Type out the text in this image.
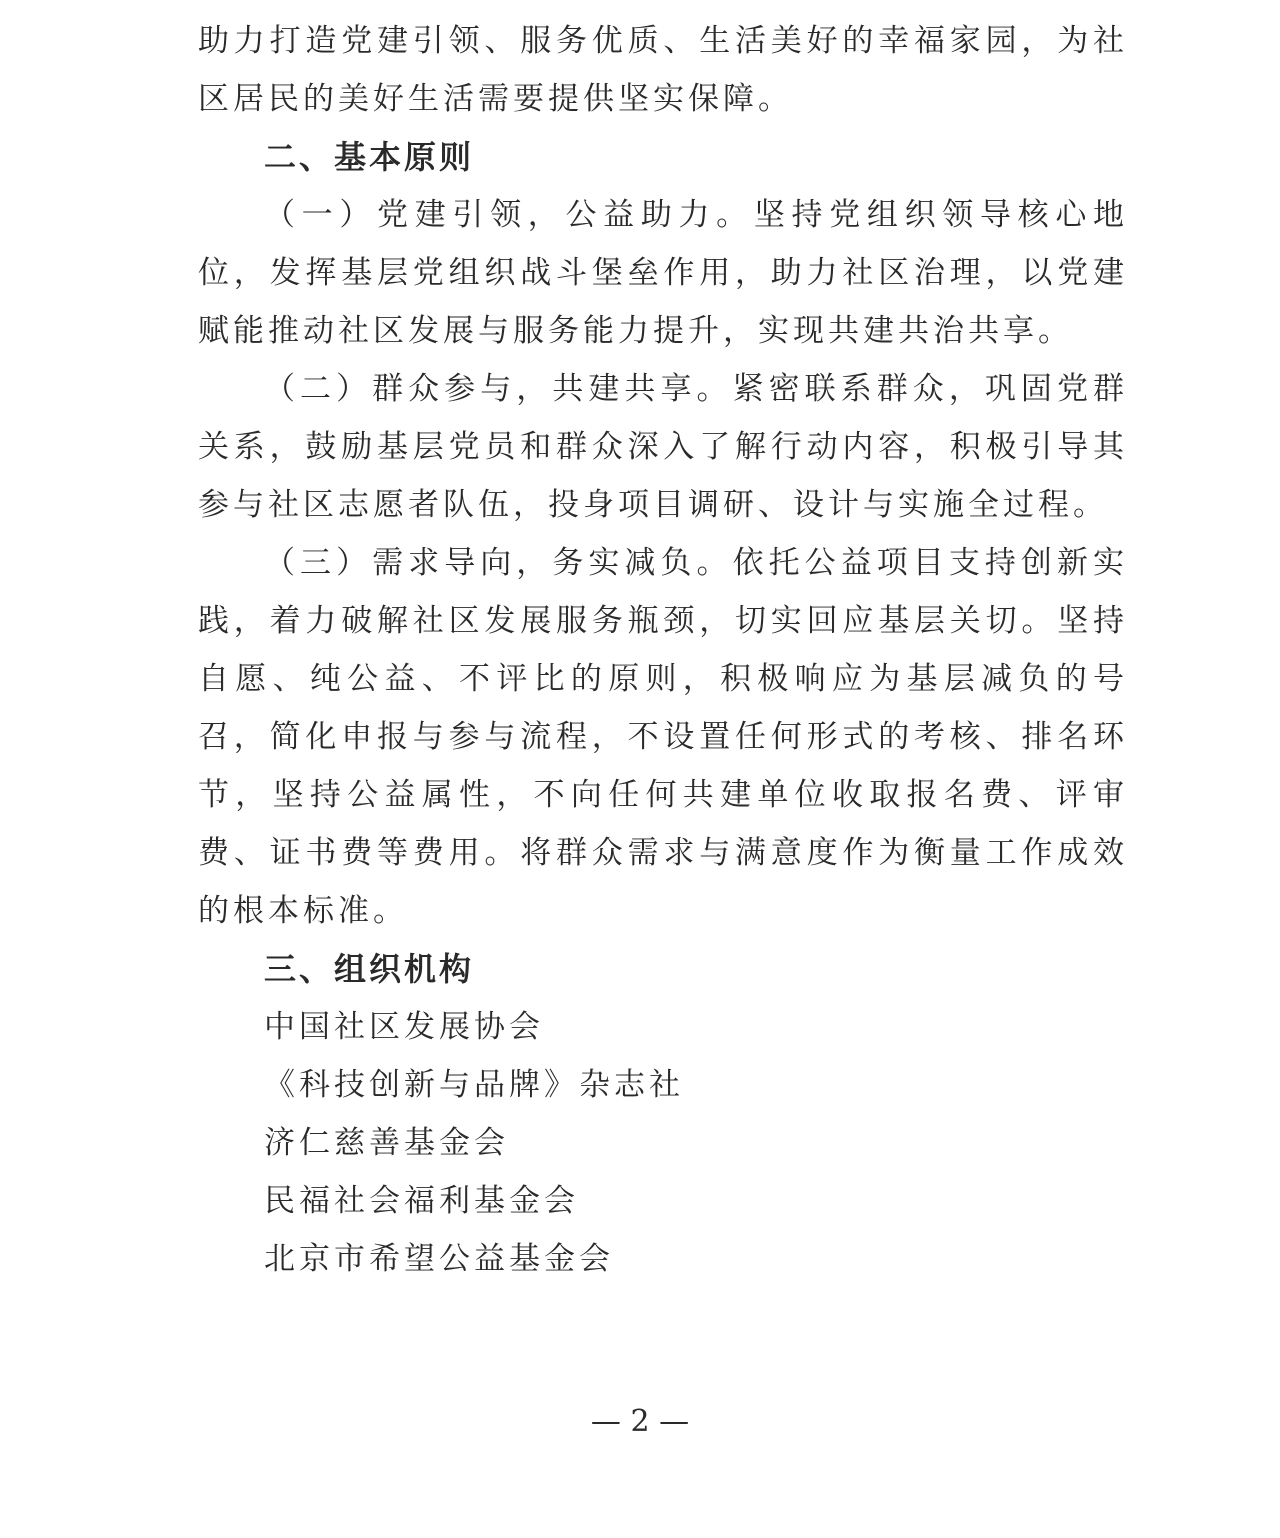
助力打造党建引领、服务优质、生活美好的幸福家园，为社区居民的美好生活需要提供坚实保障。

二、基本原则

（一）党建引领，公益助力。坚持党组织领导核心地位，发挥基层党组织战斗堡垒作用，助力社区治理，以党建赋能推动社区发展与服务能力提升，实现共建共治共享。

（二）群众参与，共建共享。紧密联系群众，巩固党群关系，鼓励基层党员和群众深入了解行动内容，积极引导其参与社区志愿者队伍，投身项目调研、设计与实施全过程。

（三）需求导向，务实减负。依托公益项目支持创新实践，着力破解社区发展服务瓶颈，切实回应基层关切。坚持自愿、纯公益、不评比的原则，积极响应为基层减负的号召，简化申报与参与流程，不设置任何形式的考核、排名环节，坚持公益属性，不向任何共建单位收取报名费、评审费、证书费等费用。将群众需求与满意度作为衡量工作成效的根本标准。

三、组织机构
中国社区发展协会
《科技创新与品牌》杂志社
济仁慈善基金会
民福社会福利基金会
北京市希望公益基金会
— 2 —
